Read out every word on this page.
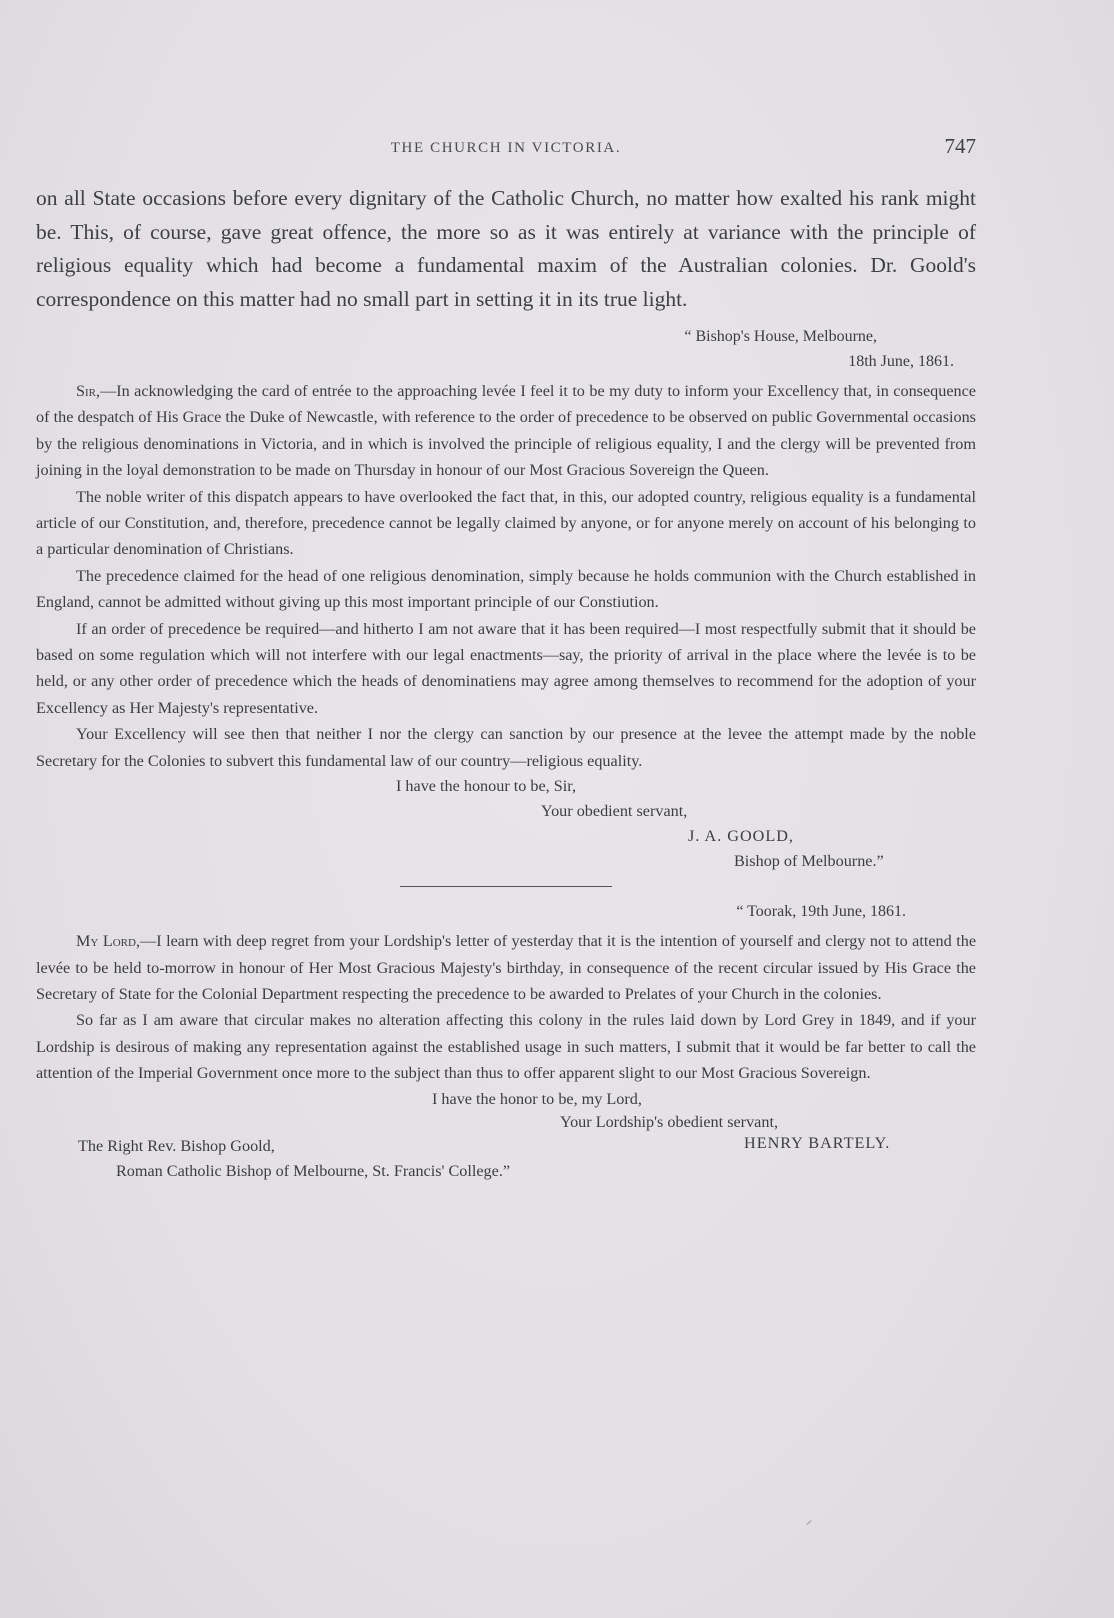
THE CHURCH IN VICTORIA.	747

on all State occasions before every dignitary of the Catholic Church, no matter how exalted his rank might be. This, of course, gave great offence, the more so as it was entirely at variance with the principle of religious equality which had become a fundamental maxim of the Australian colonies. Dr. Goold's correspondence on this matter had no small part in setting it in its true light.

“ Bishop's House, Melbourne,

18th June, 1861.

Sir,—In acknowledging the card of entrée to the approaching levée I feel it to be my duty to inform your Excellency that, in consequence of the despatch of His Grace the Duke of Newcastle, with reference to the order of precedence to be observed on public Governmental occasions by the religious denominations in Victoria, and in which is involved the principle of religious equality, I and the clergy will be prevented from joining in the loyal demonstration to be made on Thursday in honour of our Most Gracious Sovereign the Queen.

The noble writer of this dispatch appears to have overlooked the fact that, in this, our adopted country, religious equality is a fundamental article of our Constitution, and, therefore, precedence cannot be legally claimed by anyone, or for anyone merely on account of his belonging to a particular denomination of Christians.

The precedence claimed for the head of one religious denomination, simply because he holds communion with the Church established in England, cannot be admitted without giving up this most important principle of our Constiution.

If an order of precedence be required—and hitherto I am not aware that it has been required—I most respectfully submit that it should be based on some regulation which will not interfere with our legal enactments—say, the priority of arrival in the place where the levée is to be held, or any other order of precedence which the heads of denominatiens may agree among themselves to recommend for the adoption of your Excellency as Her Majesty's representative.

Your Excellency will see then that neither I nor the clergy can sanction by our presence at the levee the attempt made by the noble Secretary for the Colonies to subvert this fundamental law of our country—religious equality.

I have the honour to be, Sir,

Your obedient servant,

J. A. GOOLD,

Bishop of Melbourne.”

“ Toorak, 19th June, 1861.

My Lord,—I learn with deep regret from your Lordship's letter of yesterday that it is the intention of yourself and clergy not to attend the levée to be held to-morrow in honour of Her Most Gracious Majesty's birthday, in consequence of the recent circular issued by His Grace the Secretary of State for the Colonial Department respecting the precedence to be awarded to Prelates of your Church in the colonies.

So far as I am aware that circular makes no alteration affecting this colony in the rules laid down by Lord Grey in 1849, and if your Lordship is desirous of making any representation against the established usage in such matters, I submit that it would be far better to call the attention of the Imperial Government once more to the subject than thus to offer apparent slight to our Most Gracious Sovereign.

I have the honor to be, my Lord,
Your Lordship's obedient servant,
HENRY BARTELY.
The Right Rev. Bishop Goold,
Roman Catholic Bishop of Melbourne, St. Francis' College.”
